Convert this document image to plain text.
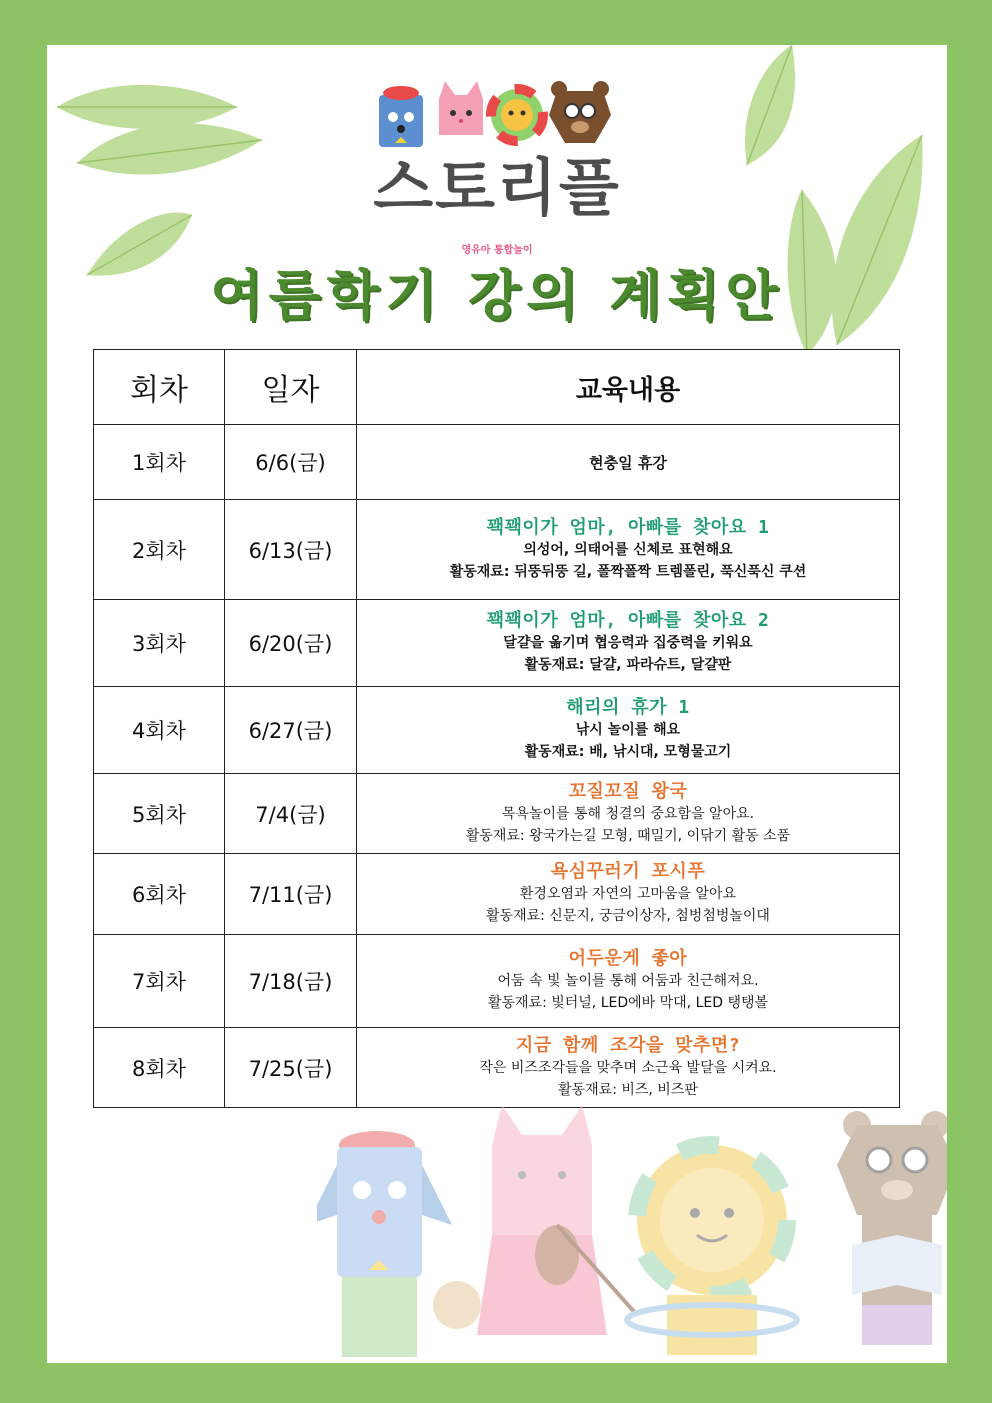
스토리플
영유아 통합놀이
여름학기 강의 계획안
회차	일자	교육내용
1회차	6/6(금)	현충일 휴강
2회차	6/13(금)	꽥꽥이가 엄마, 아빠를 찾아요 1
의성어, 의태어를 신체로 표현해요
활동재료: 뒤뚱뒤뚱 길, 폴짝폴짝 트렘폴린, 푹신푹신 쿠션

3회차	6/20(금)	꽥꽥이가 엄마, 아빠를 찾아요 2
달걀을 옮기며 협응력과 집중력을 키워요
활동재료: 달걀, 파라슈트, 달걀판

4회차	6/27(금)	해리의 휴가 1
낚시 놀이를 해요
활동재료: 배, 낚시대, 모형물고기

5회차	7/4(금)	꼬질꼬질 왕국
목욕놀이를 통해 청결의 중요함을 알아요.
활동재료: 왕국가는길 모형, 때밀기, 이닦기 활동 소품

6회차	7/11(금)	욕심꾸러기 포시푸
환경오염과 자연의 고마움을 알아요
활동재료: 신문지, 궁금이상자, 첨벙첨벙놀이대

7회차	7/18(금)	어두운게 좋아
어둠 속 빛 놀이를 통해 어둠과 친근해져요.
활동재료: 빛터널, LED에바 막대, LED 탱탱볼

8회차	7/25(금)	지금 함께 조각을 맞추면?
작은 비즈조각들을 맞추며 소근육 발달을 시켜요.
활동재료: 비즈, 비즈판
